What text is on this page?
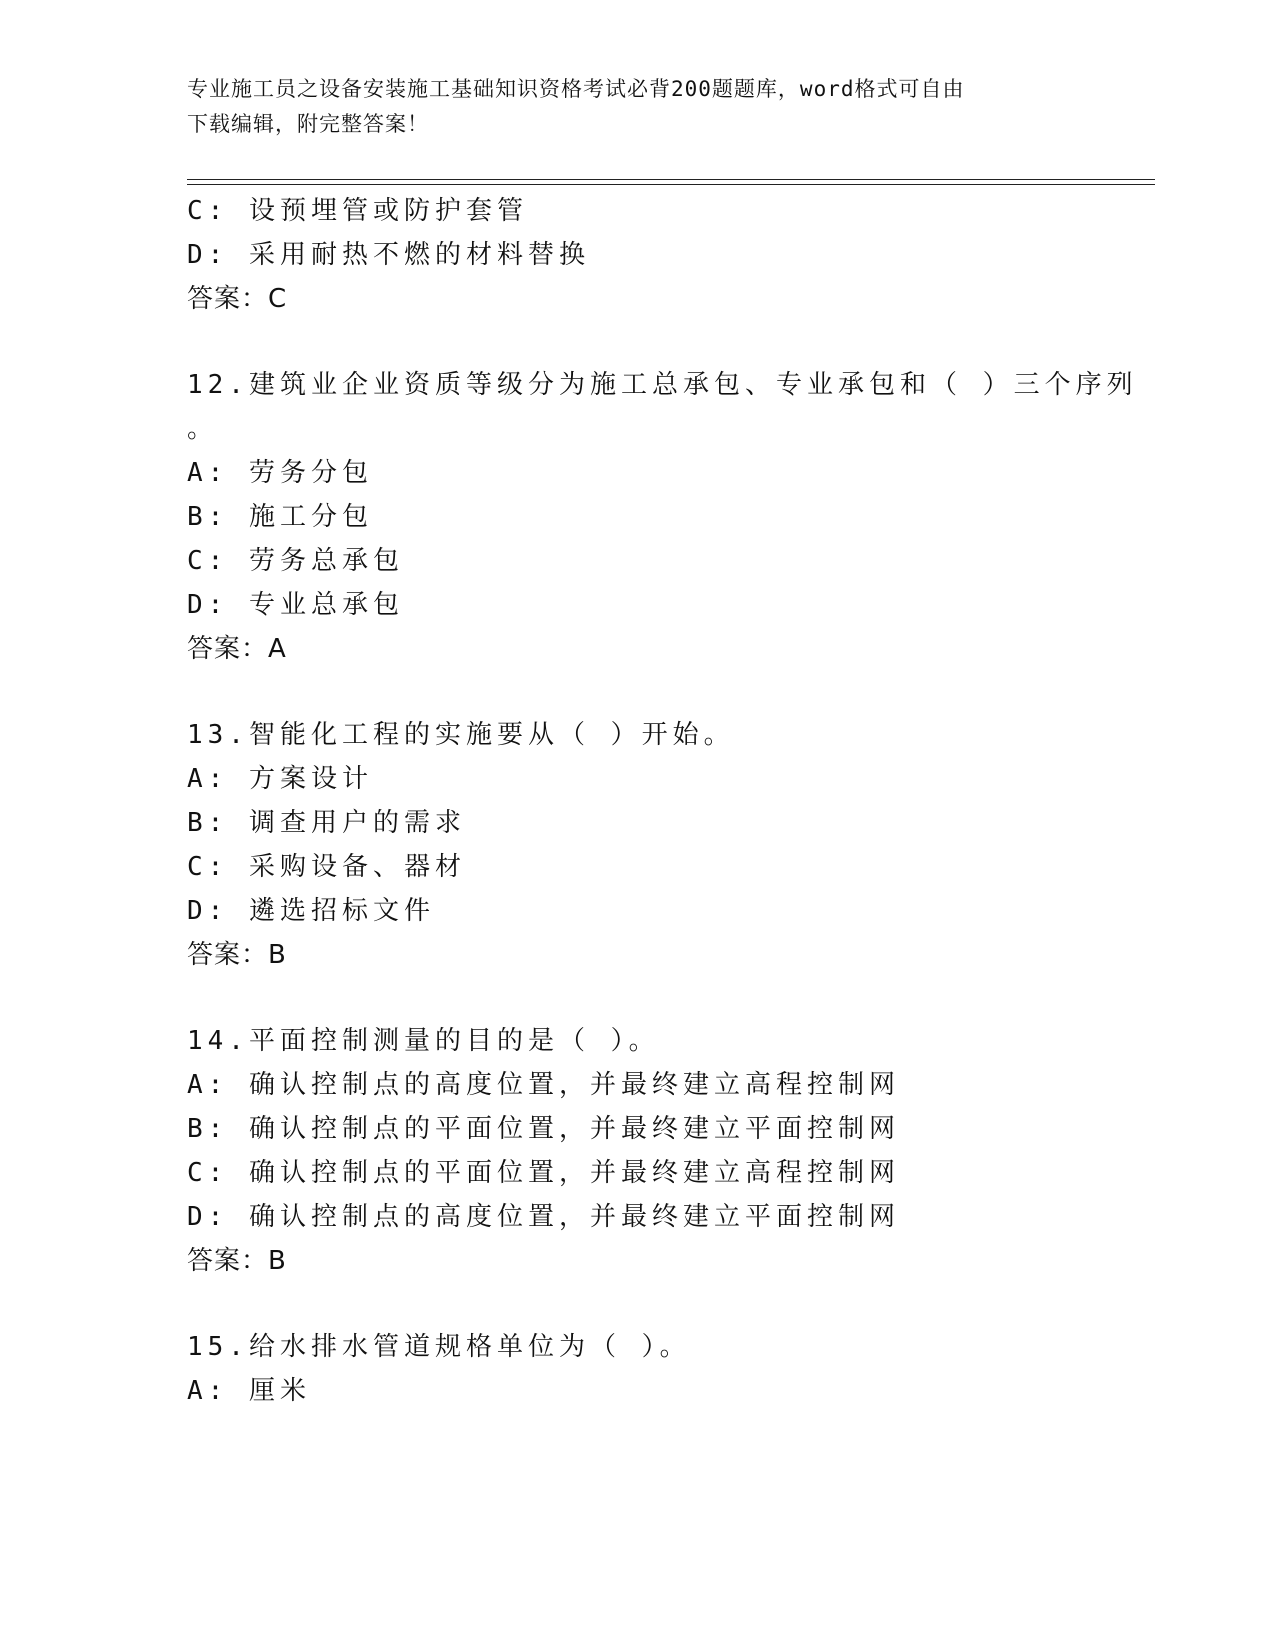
专业施工员之设备安装施工基础知识资格考试必背200题题库，word格式可自由
下载编辑，附完整答案！
C: 设预埋管或防护套管
D: 采用耐热不燃的材料替换
答案：C
12.建筑业企业资质等级分为施工总承包、专业承包和（ ）三个序列
。
A: 劳务分包
B: 施工分包
C: 劳务总承包
D: 专业总承包
答案：A
13.智能化工程的实施要从（ ）开始。
A: 方案设计
B: 调查用户的需求
C: 采购设备、器材
D: 遴选招标文件
答案：B
14.平面控制测量的目的是（ ）。
A: 确认控制点的高度位置，并最终建立高程控制网
B: 确认控制点的平面位置，并最终建立平面控制网
C: 确认控制点的平面位置，并最终建立高程控制网
D: 确认控制点的高度位置，并最终建立平面控制网
答案：B
15.给水排水管道规格单位为（ ）。
A: 厘米
